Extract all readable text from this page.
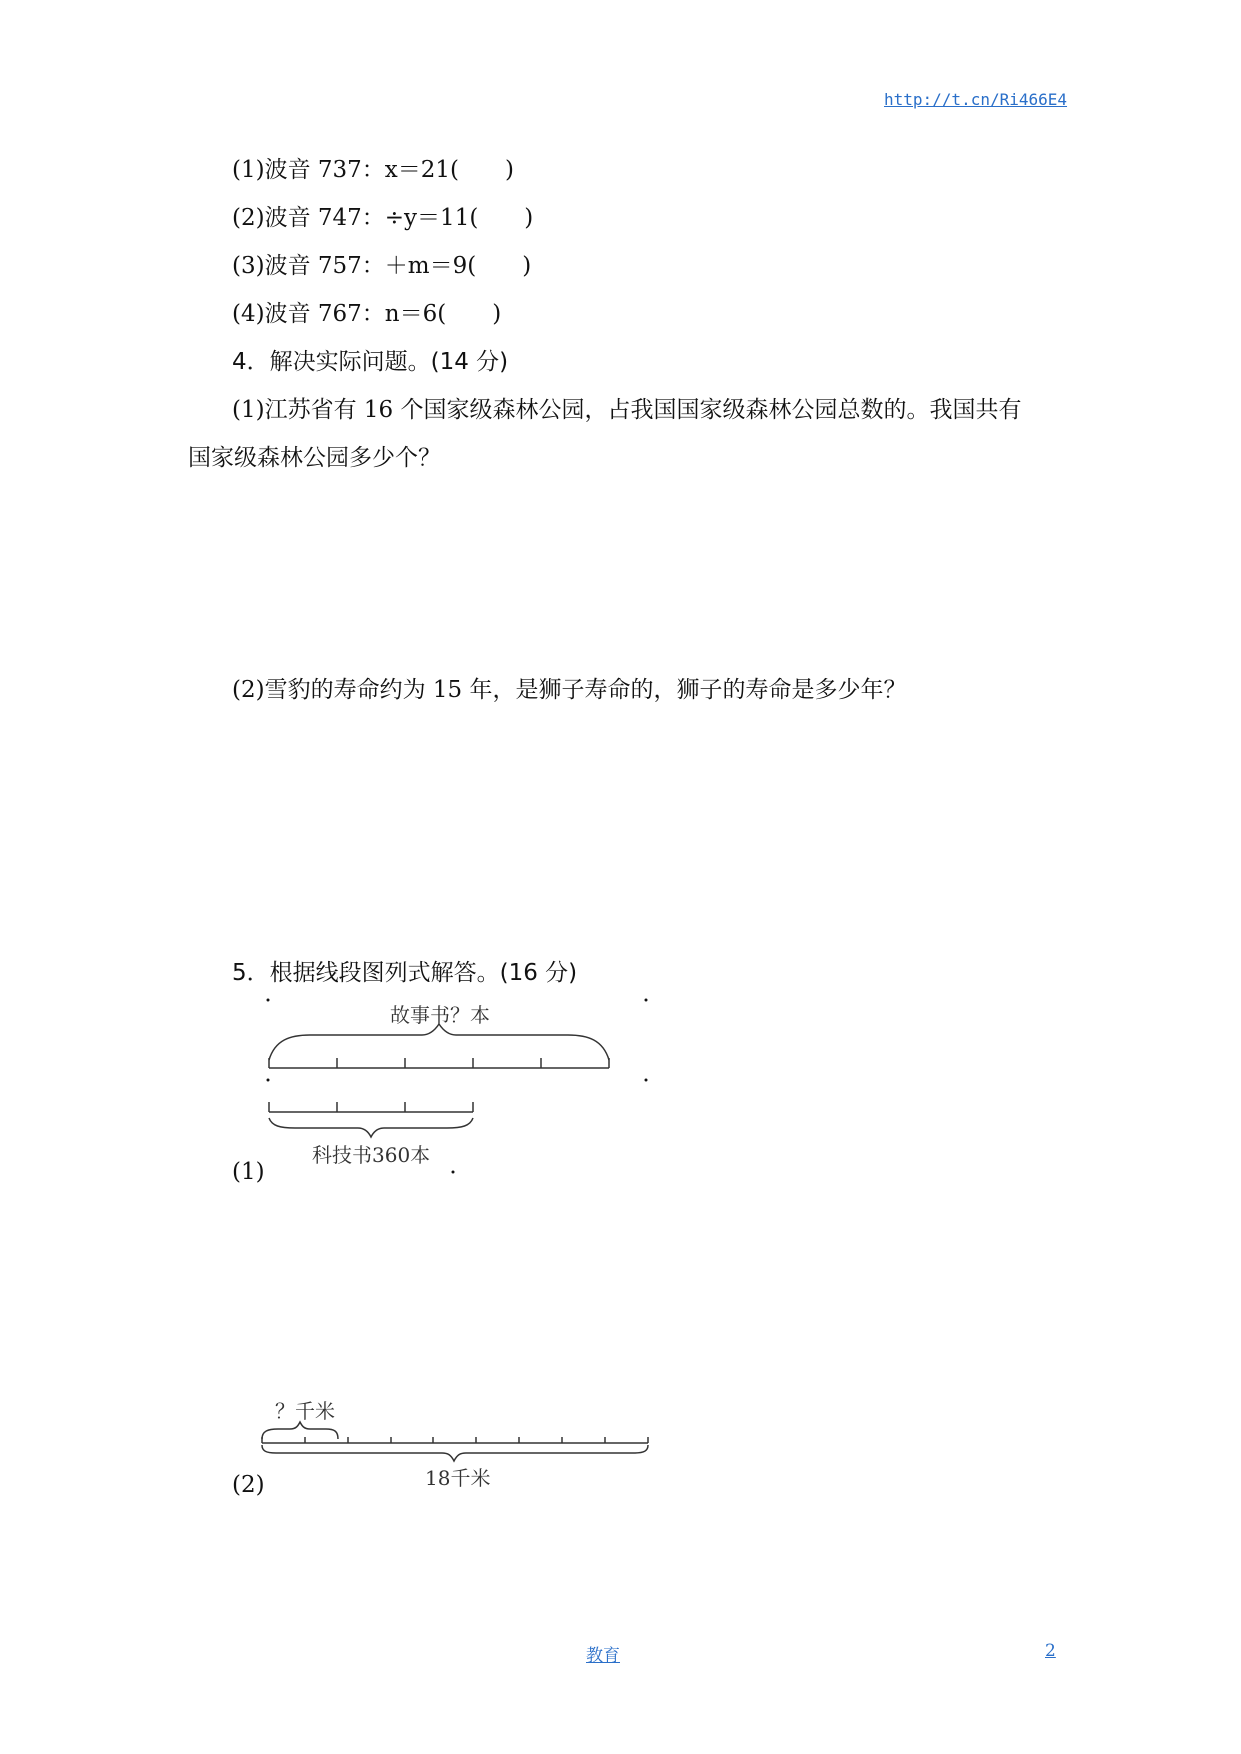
http://t.cn/Ri466E4
(1)波音 737：x＝21(　　)
(2)波音 747：÷y＝11(　　)
(3)波音 757：＋m＝9(　　)
(4)波音 767：n＝6(　　)
4．解决实际问题。(14 分)
(1)江苏省有 16 个国家级森林公园，占我国国家级森林公园总数的。我国共有
国家级森林公园多少个？
(2)雪豹的寿命约为 15 年，是狮子寿命的，狮子的寿命是多少年？
5．根据线段图列式解答。(16 分)
故事书？本
科技书360本
(1)
？千米
18千米
(2)
教育	2
